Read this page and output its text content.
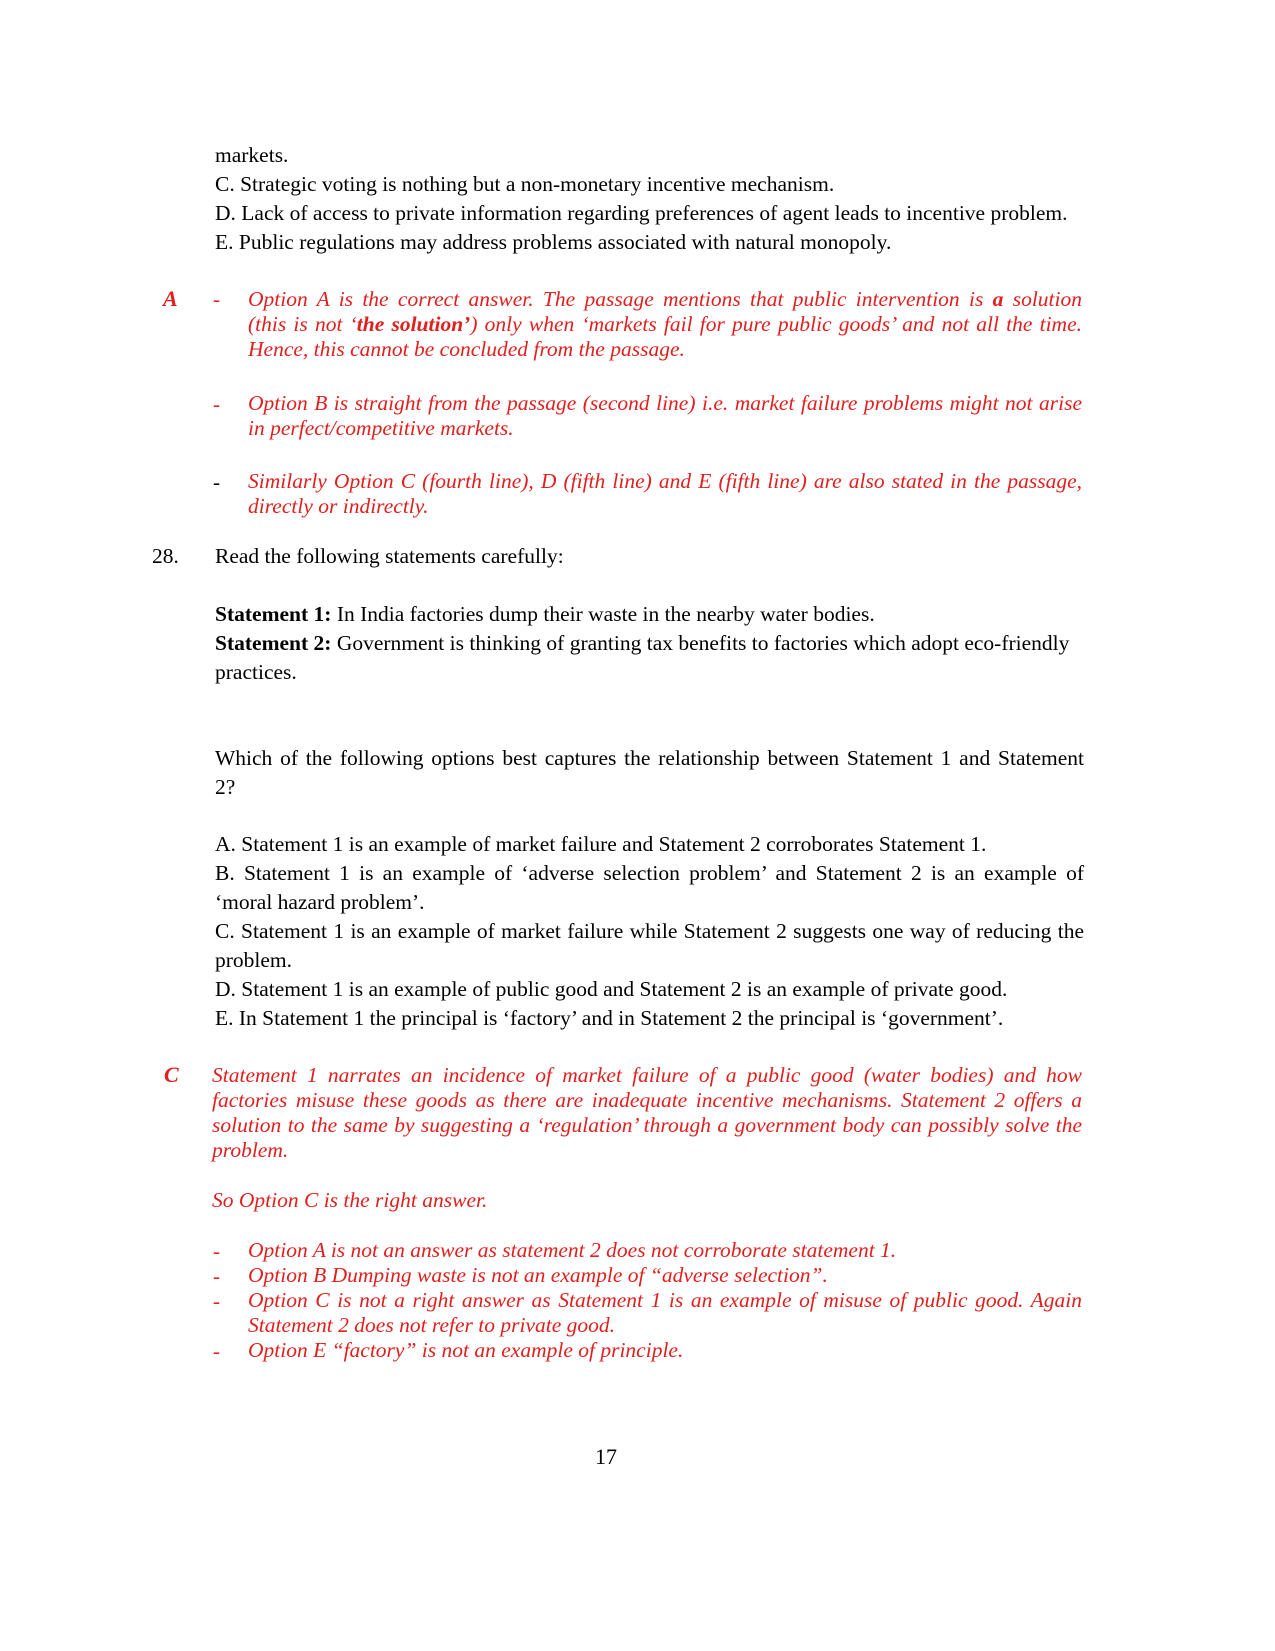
markets.
C. Strategic voting is nothing but a non-monetary incentive mechanism.
D. Lack of access to private information regarding preferences of agent leads to incentive problem.
E. Public regulations may address problems associated with natural monopoly.
A - Option A is the correct answer. The passage mentions that public intervention is a solution
(this is not ‘the solution’) only when ‘markets fail for pure public goods’ and not all the time.
Hence, this cannot be concluded from the passage.
- Option B is straight from the passage (second line) i.e. market failure problems might not arise
in perfect/competitive markets.
- Similarly Option C (fourth line), D (fifth line) and E (fifth line) are also stated in the passage,
directly or indirectly.
28. Read the following statements carefully:
Statement 1: In India factories dump their waste in the nearby water bodies.
Statement 2: Government is thinking of granting tax benefits to factories which adopt eco-friendly
practices.
Which of the following options best captures the relationship between Statement 1 and Statement
2?
A. Statement 1 is an example of market failure and Statement 2 corroborates Statement 1.
B. Statement 1 is an example of ‘adverse selection problem’ and Statement 2 is an example of
‘moral hazard problem’.
C. Statement 1 is an example of market failure while Statement 2 suggests one way of reducing the
problem.
D. Statement 1 is an example of public good and Statement 2 is an example of private good.
E. In Statement 1 the principal is ‘factory’ and in Statement 2 the principal is ‘government’.
C Statement 1 narrates an incidence of market failure of a public good (water bodies) and how
factories misuse these goods as there are inadequate incentive mechanisms. Statement 2 offers a
solution to the same by suggesting a ‘regulation’ through a government body can possibly solve the
problem.
So Option C is the right answer.
- Option A is not an answer as statement 2 does not corroborate statement 1.
- Option B Dumping waste is not an example of “adverse selection”.
- Option C is not a right answer as Statement 1 is an example of misuse of public good. Again
Statement 2 does not refer to private good.
- Option E “factory” is not an example of principle.
17
